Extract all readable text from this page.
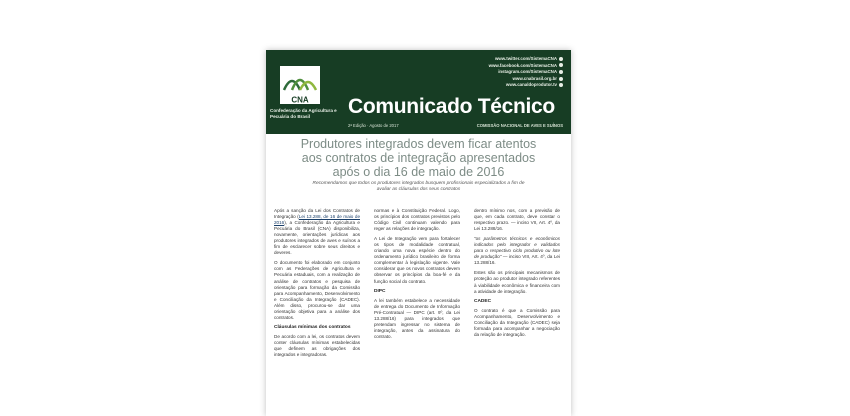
CNA
Confederação da Agricultura e Pecuária do Brasil
www.twitter.com/SistemaCNA
www.facebook.com/SistemaCNA
instagram.com/SistemaCNA
www.cnabrasil.org.br
www.canaldoprodutor.tv
Comunicado Técnico
2ª Edição · Agosto de 2017	COMISSÃO NACIONAL DE AVES E SUÍNOS
Produtores integrados devem ficar atentos
aos contratos de integração apresentados
após o dia 16 de maio de 2016
Recomendamos que todos os produtores integrados busquem profissionais especializados a fim de avaliar as cláusulas dos seus contratos

Após a sanção da Lei dos Contratos de Integração (Lei 13.288, de 16 de maio de 2016), a Confederação da Agricultura e Pecuária do Brasil (CNA) disponibiliza, novamente, orientações jurídicas aos produtores integrados de aves e suínos a fim de esclarecer sobre seus direitos e deveres.

O documento foi elaborado em conjunto com as Federações de Agricultura e Pecuária estaduais, com a realização de análise de contratos e pesquisa de orientação para formação da Comissão para Acompanhamento, Desenvolvimento e Conciliação da Integração (CADEC). Além disso, procurou-se dar uma orientação objetiva para a análise dos contratos.

Cláusulas mínimas dos contratos

De acordo com a lei, os contratos devem conter cláusulas mínimas estabelecidas que definem as obrigações dos integrados e integradoras.

normas e à Constituição Federal. Logo, os princípios dos contratos previstos pelo Código Civil continuam valendo para reger as relações de integração.

A Lei de Integração vem para fortalecer os tipos de modalidade contratual, criando uma nova espécie dentro do ordenamento jurídico brasileiro de forma complementar à legislação vigente. Vale considerar que os novos contratos devem observar os princípios da boa-fé e da função social do contrato.

DIPC

A lei também estabelece a necessidade de entrega do Documento de Informação Pré-Contratual — DIPC (art. 9º, da Lei 13.288/16) para integrados que pretendam ingressar no sistema de integração, antes da assinatura do contrato.

dentro mínimo nos, com a previsão de que, em cada contrato, deve constar o respectivo prazo. — inciso VII, Art. 4º, da Lei 13.288/16.

"os parâmetros técnicos e econômicos indicados pelo integrador e validados para o respectivo ciclo produtivo ou lote de produção" — inciso VIII, Art. 4º, da Lei 13.288/16.

Estes são os principais mecanismos de proteção ao produtor integrado referentes à viabilidade econômica e financeira com a atividade de integração.

CADEC

O contrato é que a Comissão para Acompanhamento, Desenvolvimento e Conciliação da Integração (CADEC) seja formada para acompanhar a negociação da relação de integração.
